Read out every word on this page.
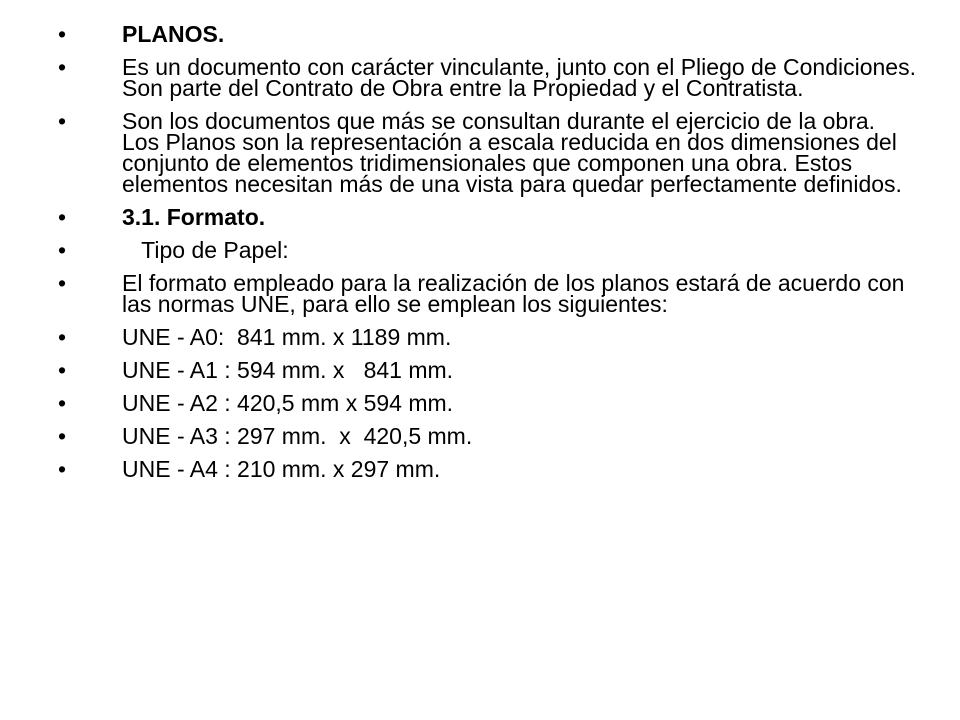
• PLANOS.
• Es un documento con carácter vinculante, junto con el Pliego de Condiciones. Son parte del Contrato de Obra entre la Propiedad y el Contratista.
• Son los documentos que más se consultan durante el ejercicio de la obra. Los Planos son la representación a escala reducida en dos dimensiones del conjunto de elementos tridimensionales que componen una obra. Estos elementos necesitan más de una vista para quedar perfectamente definidos.
• 3.1. Formato.
• Tipo de Papel:
• El formato empleado para la realización de los planos estará de acuerdo con las normas UNE, para ello se emplean los siguientes:
• UNE - A0:  841 mm. x 1189 mm.
• UNE - A1 : 594 mm. x   841 mm.
• UNE - A2 : 420,5 mm x 594 mm.
• UNE - A3 : 297 mm.  x  420,5 mm.
• UNE - A4 : 210 mm. x 297 mm.
